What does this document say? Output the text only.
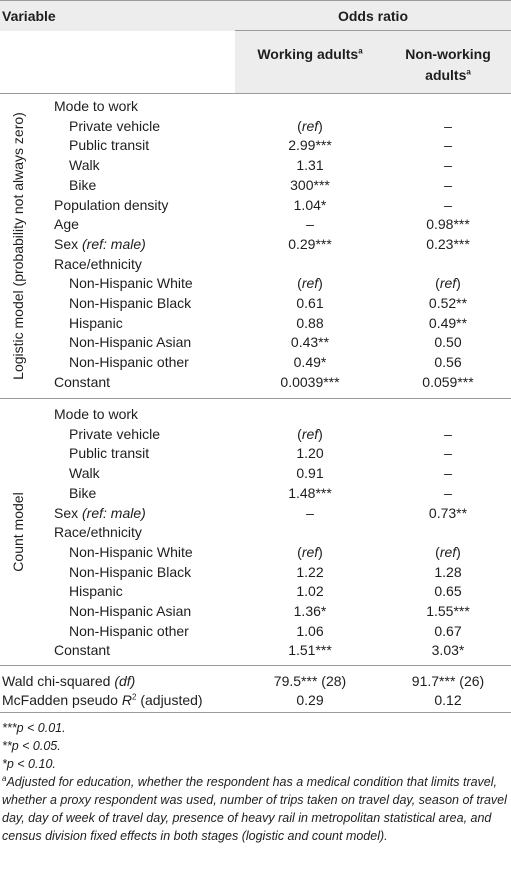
Variable	Odds ratio
Working adults$^a$	Non-working
adults$^a$
Logistic model (probability not always zero)
Count model
Mode to work
Private vehicle	(ref)	–
Public transit	2.99***	–
Walk	1.31	–
Bike	300***	–
Population density	1.04*	–
Age	–	0.98***
Sex (ref: male)	0.29***	0.23***
Race/ethnicity
Non-Hispanic White	(ref)	(ref)
Non-Hispanic Black	0.61	0.52**
Hispanic	0.88	0.49**
Non-Hispanic Asian	0.43**	0.50
Non-Hispanic other	0.49*	0.56
Constant	0.0039***	0.059***
Mode to work
Private vehicle	(ref)	–
Public transit	1.20	–
Walk	0.91	–
Bike	1.48***	–
Sex (ref: male)	–	0.73**
Race/ethnicity
Non-Hispanic White	(ref)	(ref)
Non-Hispanic Black	1.22	1.28
Hispanic	1.02	0.65
Non-Hispanic Asian	1.36*	1.55***
Non-Hispanic other	1.06	0.67
Constant	1.51***	3.03*
Wald chi-squared (df)	79.5*** (28)	91.7*** (26)
McFadden pseudo $R^2$ (adjusted)	0.29	0.12
***p < 0.01.
**p < 0.05.
*p < 0.10.
$^a$Adjusted for education, whether the respondent has a medical condition that limits travel, whether a proxy respondent was used, number of trips taken on travel day, season of travel day, day of week of travel day, presence of heavy rail in metropolitan statistical area, and census division fixed effects in both stages (logistic and count model).
